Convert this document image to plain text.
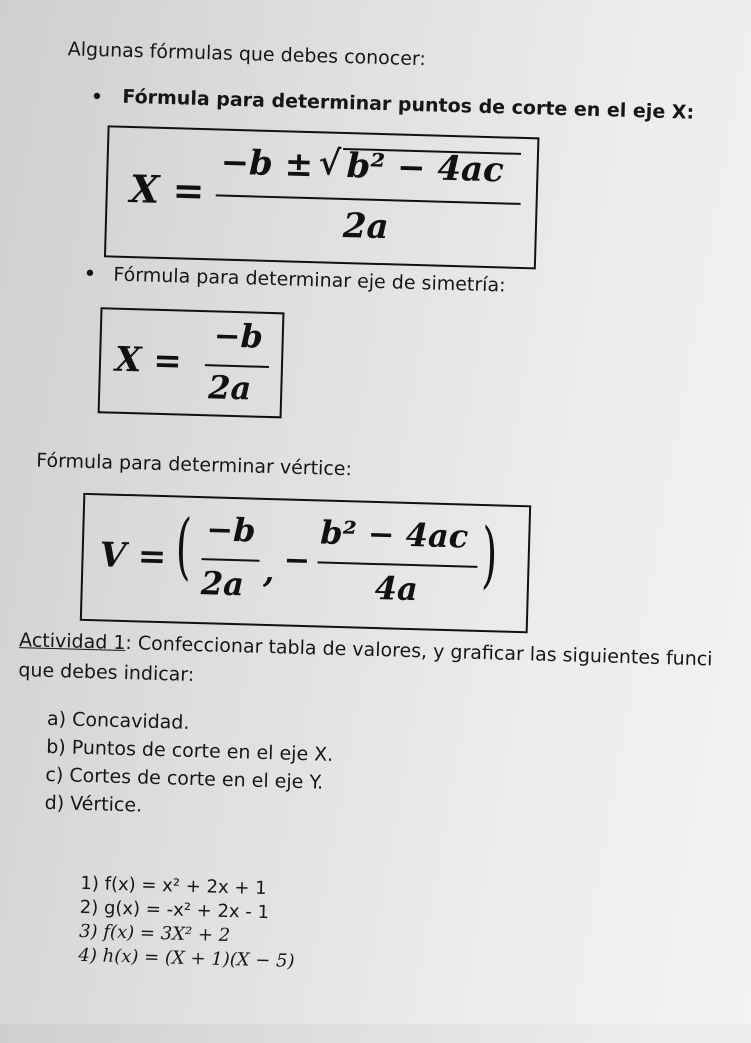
Algunas fórmulas que debes conocer:
• Fórmula para determinar puntos de corte en el eje X:
X =
−b ± √ b² − 4ac
2a
• Fórmula para determinar eje de simetría:
X =
−b
2a
Fórmula para determinar vértice:
V = ( −b
2a , −
b² − 4ac
4a )
Actividad 1: Confeccionar tabla de valores, y graficar las siguientes funci
que debes indicar:
a) Concavidad.
b) Puntos de corte en el eje X.
c) Cortes de corte en el eje Y.
d) Vértice.
1) f(x) = x² + 2x + 1
2) g(x) = -x² + 2x - 1
3) f(x) = 3X² + 2
4) h(x) = (X + 1)(X − 5)
